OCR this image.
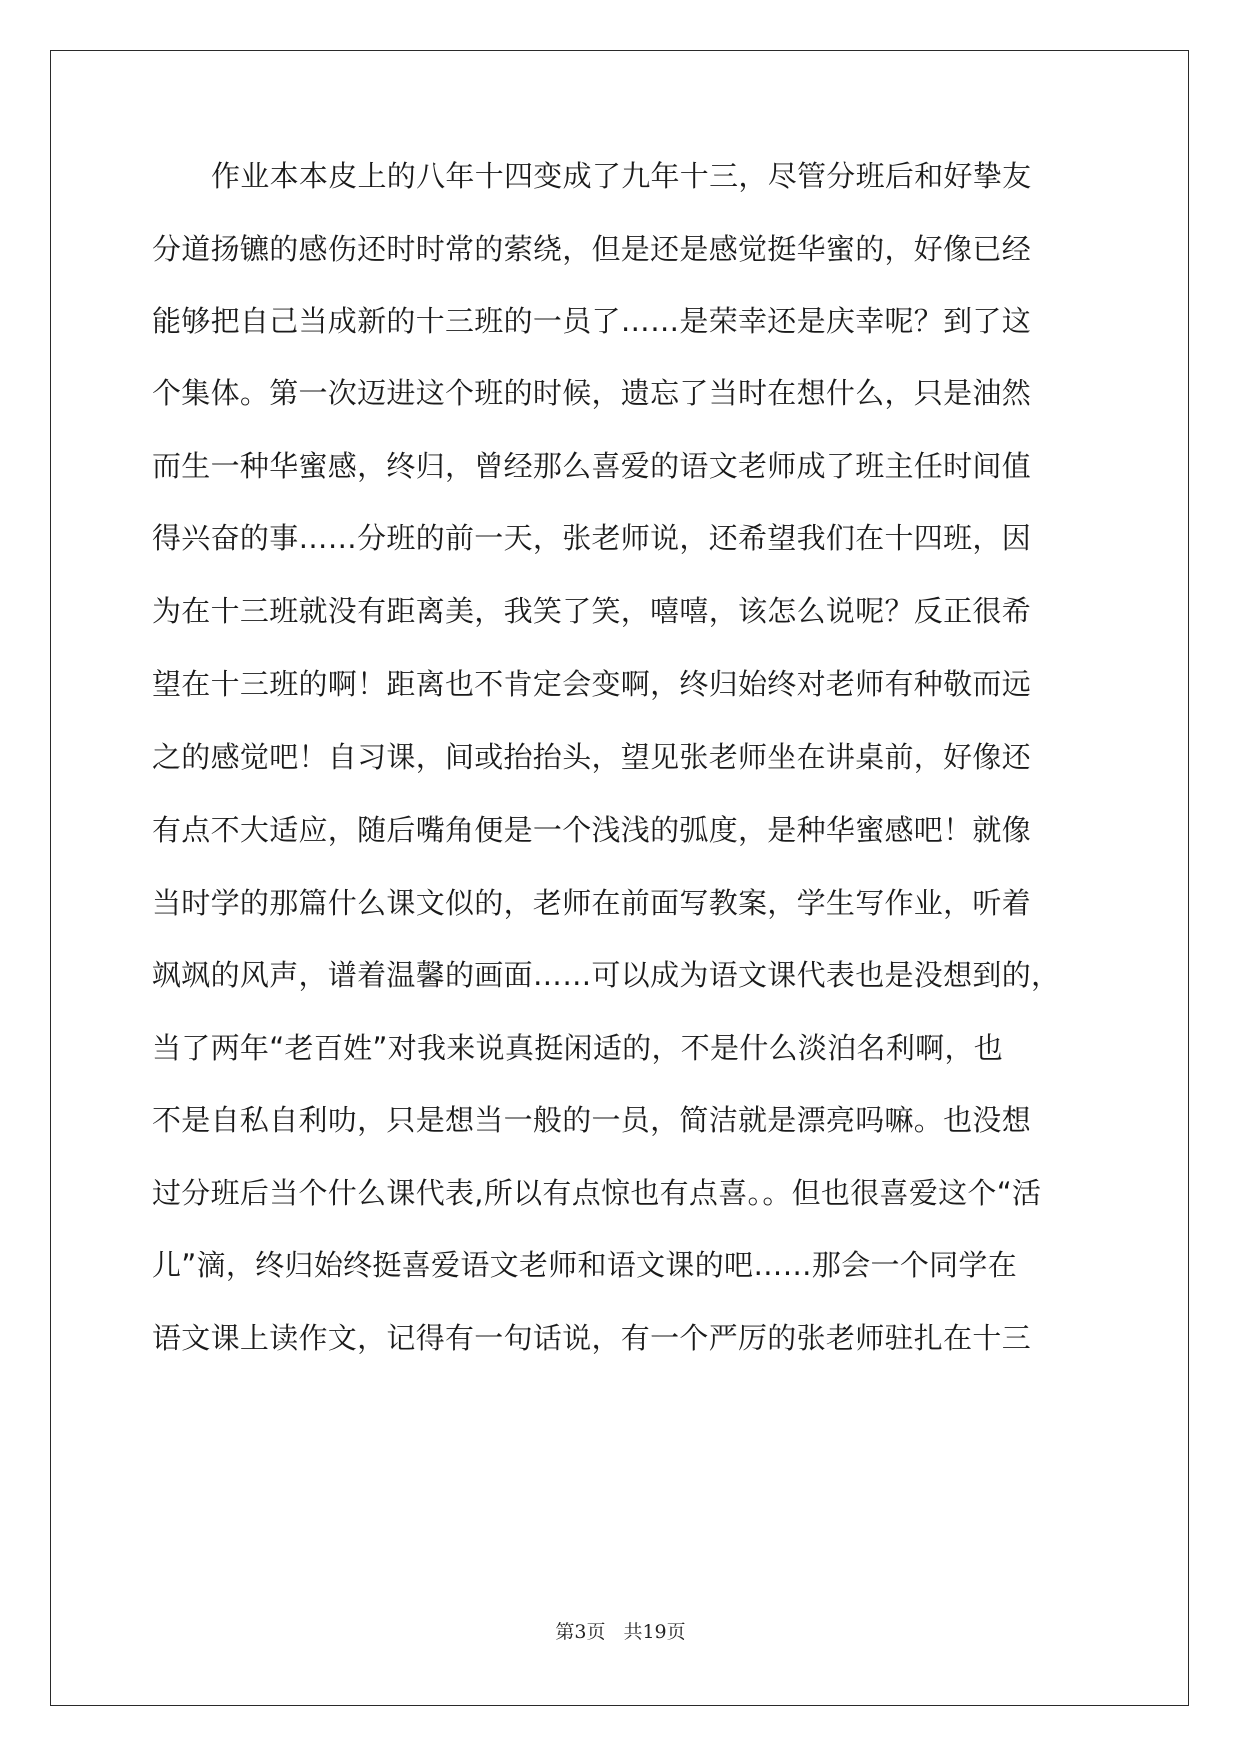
作业本本皮上的八年十四变成了九年十三，尽管分班后和好挚友
分道扬镳的感伤还时时常的萦绕，但是还是感觉挺华蜜的，好像已经
能够把自己当成新的十三班的一员了……是荣幸还是庆幸呢？到了这
个集体。第一次迈进这个班的时候，遗忘了当时在想什么，只是油然
而生一种华蜜感，终归，曾经那么喜爱的语文老师成了班主任时间值
得兴奋的事……分班的前一天，张老师说，还希望我们在十四班，因
为在十三班就没有距离美，我笑了笑，嘻嘻，该怎么说呢？反正很希
望在十三班的啊！距离也不肯定会变啊，终归始终对老师有种敬而远
之的感觉吧！自习课，间或抬抬头，望见张老师坐在讲桌前，好像还
有点不大适应，随后嘴角便是一个浅浅的弧度，是种华蜜感吧！就像
当时学的那篇什么课文似的，老师在前面写教案，学生写作业，听着
飒飒的风声，谱着温馨的画面……可以成为语文课代表也是没想到的，
当了两年“老百姓”对我来说真挺闲适的，不是什么淡泊名利啊，也
不是自私自利叻，只是想当一般的一员，简洁就是漂亮吗嘛。也没想
过分班后当个什么课代表,所以有点惊也有点喜。。但也很喜爱这个“活
儿”滴，终归始终挺喜爱语文老师和语文课的吧……那会一个同学在
语文课上读作文，记得有一句话说，有一个严厉的张老师驻扎在十三
第3页 共19页
